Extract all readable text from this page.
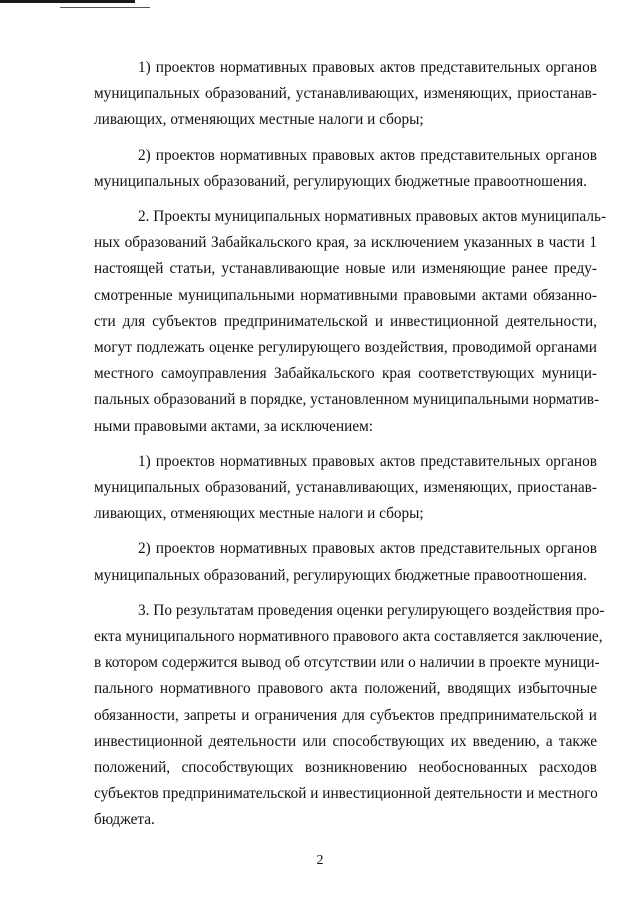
1) проектов нормативных правовых актов представительных органов
муниципальных образований, устанавливающих, изменяющих, приостанав-
ливающих, отменяющих местные налоги и сборы;
2) проектов нормативных правовых актов представительных органов
муниципальных образований, регулирующих бюджетные правоотношения.
2. Проекты муниципальных нормативных правовых актов муниципаль-
ных образований Забайкальского края, за исключением указанных в части 1
настоящей статьи, устанавливающие новые или изменяющие ранее преду-
смотренные муниципальными нормативными правовыми актами обязанно-
сти для субъектов предпринимательской и инвестиционной деятельности,
могут подлежать оценке регулирующего воздействия, проводимой органами
местного самоуправления Забайкальского края соответствующих муници-
пальных образований в порядке, установленном муниципальными норматив-
ными правовыми актами, за исключением:
1) проектов нормативных правовых актов представительных органов
муниципальных образований, устанавливающих, изменяющих, приостанав-
ливающих, отменяющих местные налоги и сборы;
2) проектов нормативных правовых актов представительных органов
муниципальных образований, регулирующих бюджетные правоотношения.
3. По результатам проведения оценки регулирующего воздействия про-
екта муниципального нормативного правового акта составляется заключение,
в котором содержится вывод об отсутствии или о наличии в проекте муници-
пального нормативного правового акта положений, вводящих избыточные
обязанности, запреты и ограничения для субъектов предпринимательской и
инвестиционной деятельности или способствующих их введению, а также
положений, способствующих возникновению необоснованных расходов
субъектов предпринимательской и инвестиционной деятельности и местного
бюджета.
2
